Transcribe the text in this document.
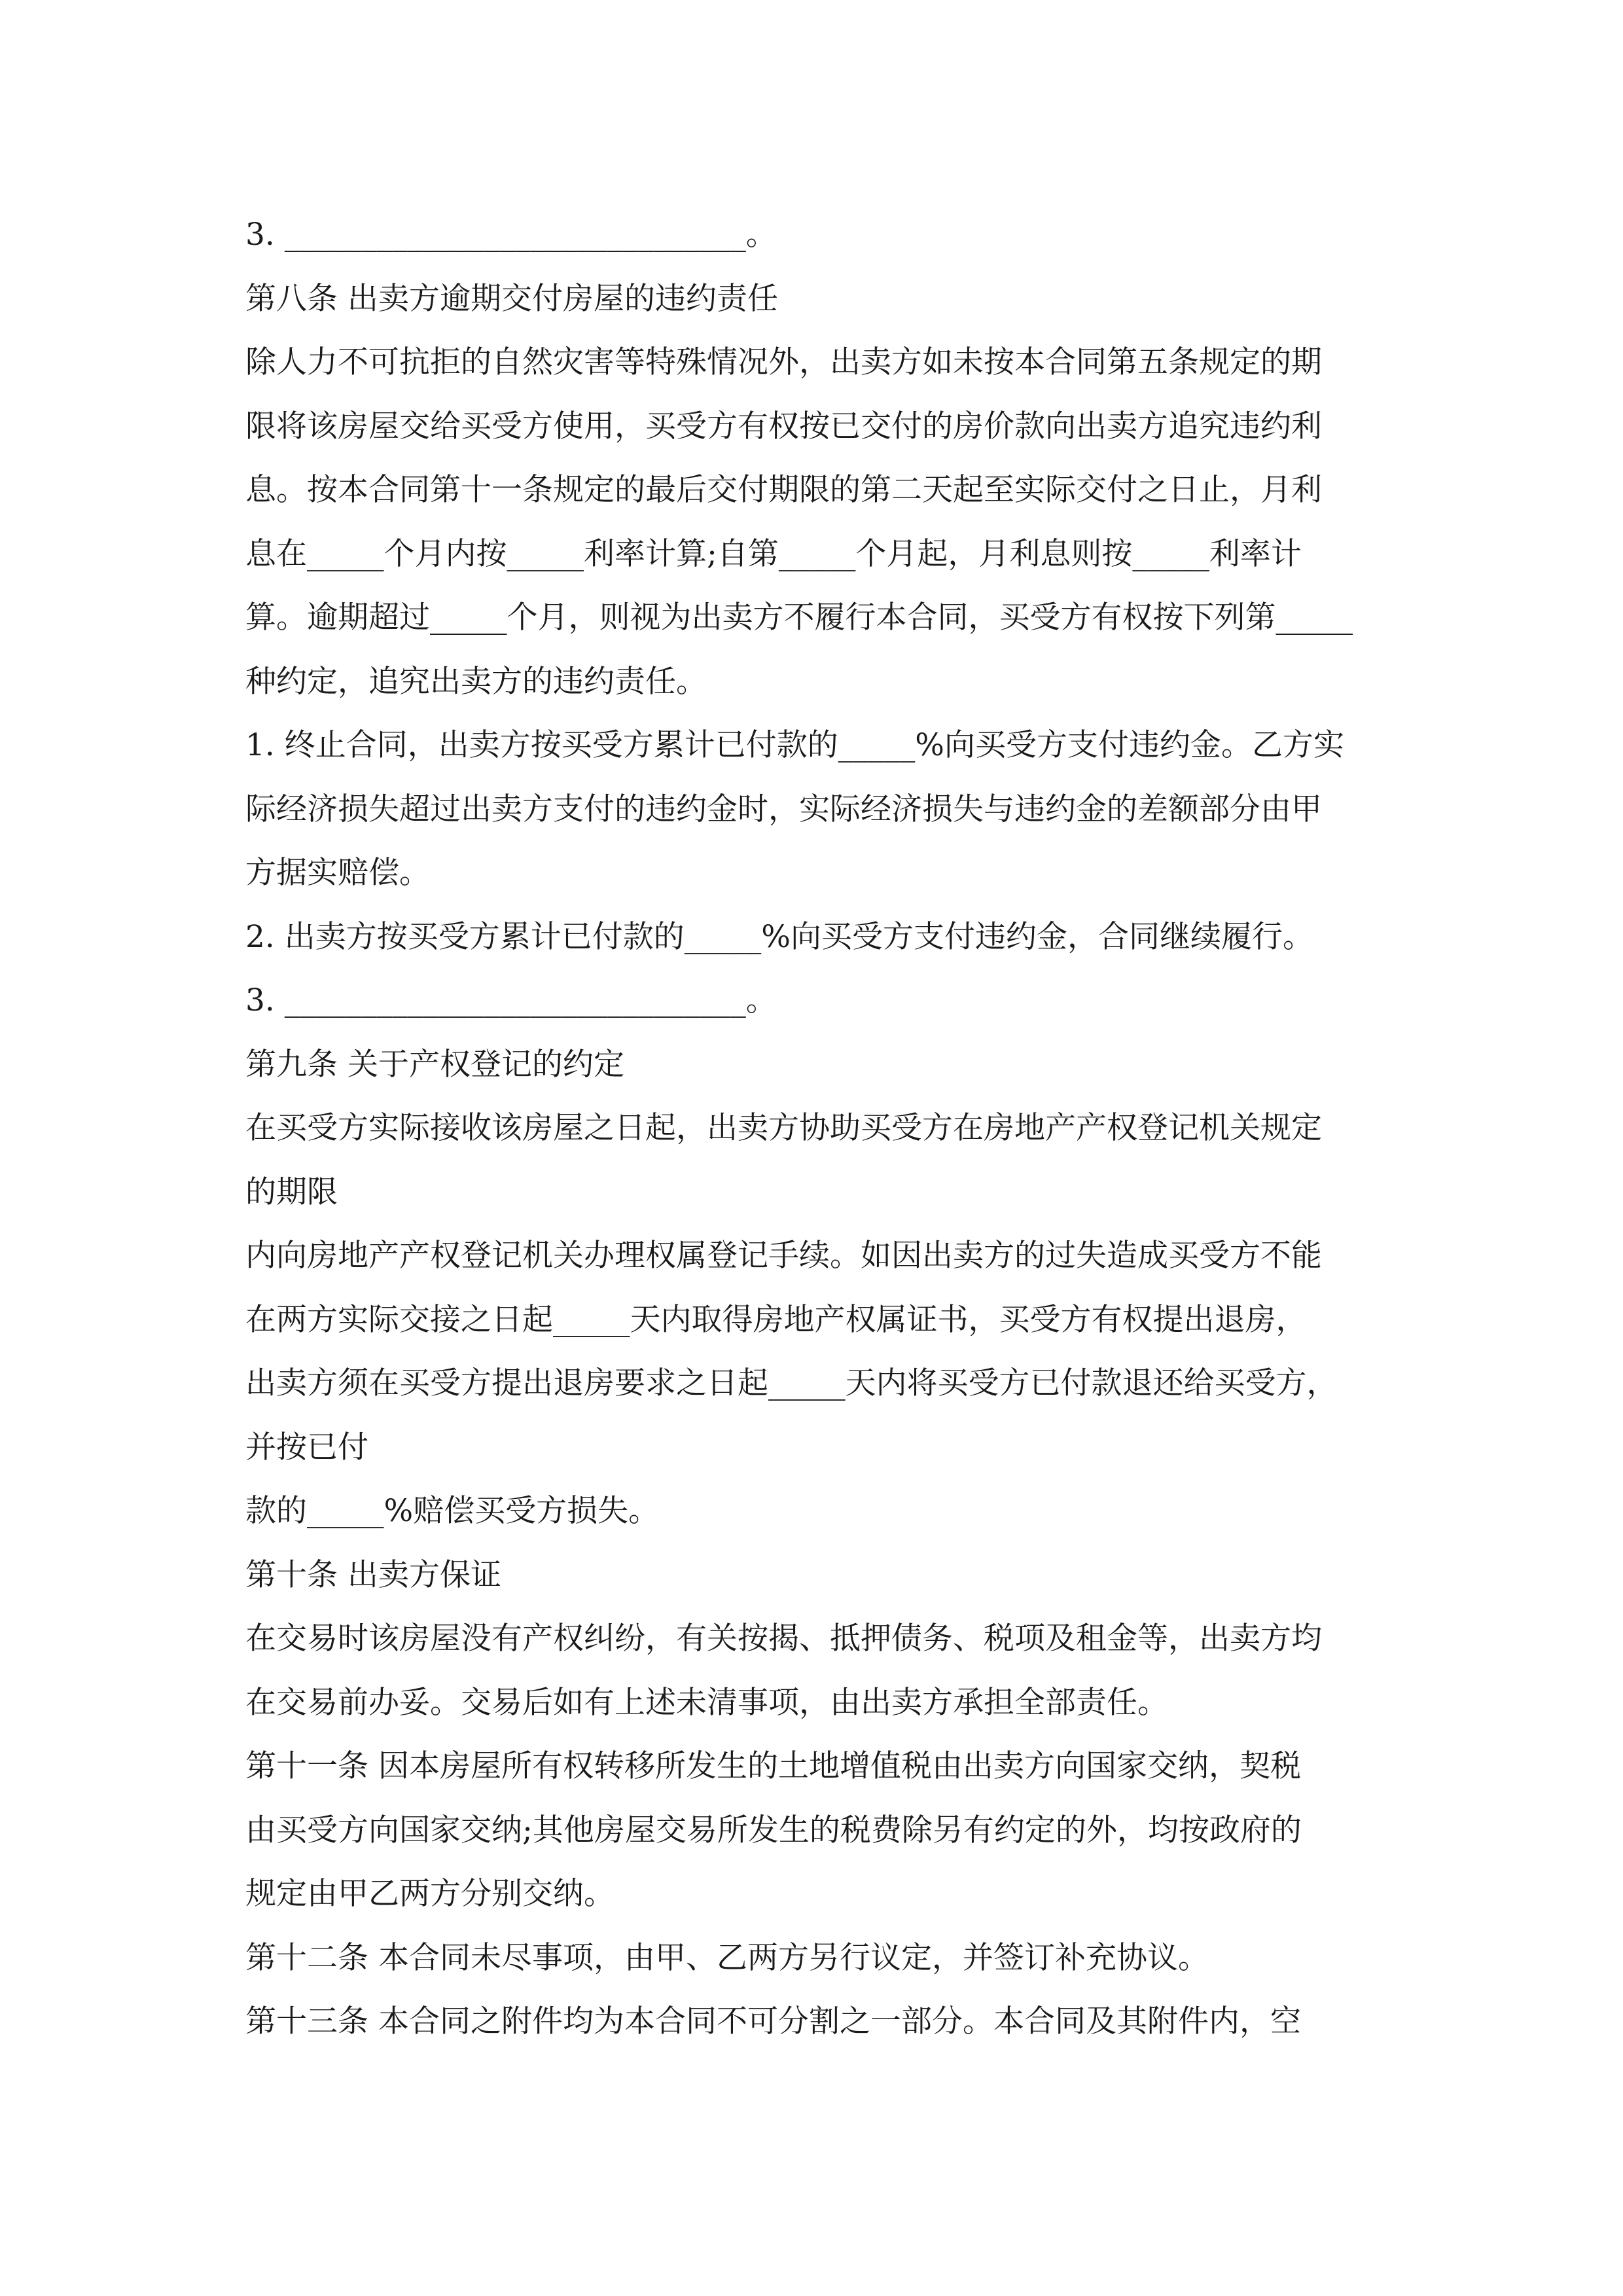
3. ______________________________。

第八条 出卖方逾期交付房屋的违约责任

除人力不可抗拒的自然灾害等特殊情况外，出卖方如未按本合同第五条规定的期

限将该房屋交给买受方使用，买受方有权按已交付的房价款向出卖方追究违约利

息。按本合同第十一条规定的最后交付期限的第二天起至实际交付之日止，月利

息在_____个月内按_____利率计算;自第_____个月起，月利息则按_____利率计

算。逾期超过_____个月，则视为出卖方不履行本合同，买受方有权按下列第_____

种约定，追究出卖方的违约责任。

1. 终止合同，出卖方按买受方累计已付款的_____%向买受方支付违约金。乙方实

际经济损失超过出卖方支付的违约金时，实际经济损失与违约金的差额部分由甲

方据实赔偿。

2. 出卖方按买受方累计已付款的_____%向买受方支付违约金，合同继续履行。

3. ______________________________。

第九条 关于产权登记的约定

在买受方实际接收该房屋之日起，出卖方协助买受方在房地产产权登记机关规定

的期限

内向房地产产权登记机关办理权属登记手续。如因出卖方的过失造成买受方不能

在两方实际交接之日起_____天内取得房地产权属证书，买受方有权提出退房，

出卖方须在买受方提出退房要求之日起_____天内将买受方已付款退还给买受方，

并按已付

款的_____%赔偿买受方损失。

第十条 出卖方保证

在交易时该房屋没有产权纠纷，有关按揭、抵押债务、税项及租金等，出卖方均

在交易前办妥。交易后如有上述未清事项，由出卖方承担全部责任。

第十一条 因本房屋所有权转移所发生的土地增值税由出卖方向国家交纳，契税

由买受方向国家交纳;其他房屋交易所发生的税费除另有约定的外，均按政府的

规定由甲乙两方分别交纳。

第十二条 本合同未尽事项，由甲、乙两方另行议定，并签订补充协议。

第十三条 本合同之附件均为本合同不可分割之一部分。本合同及其附件内，空
